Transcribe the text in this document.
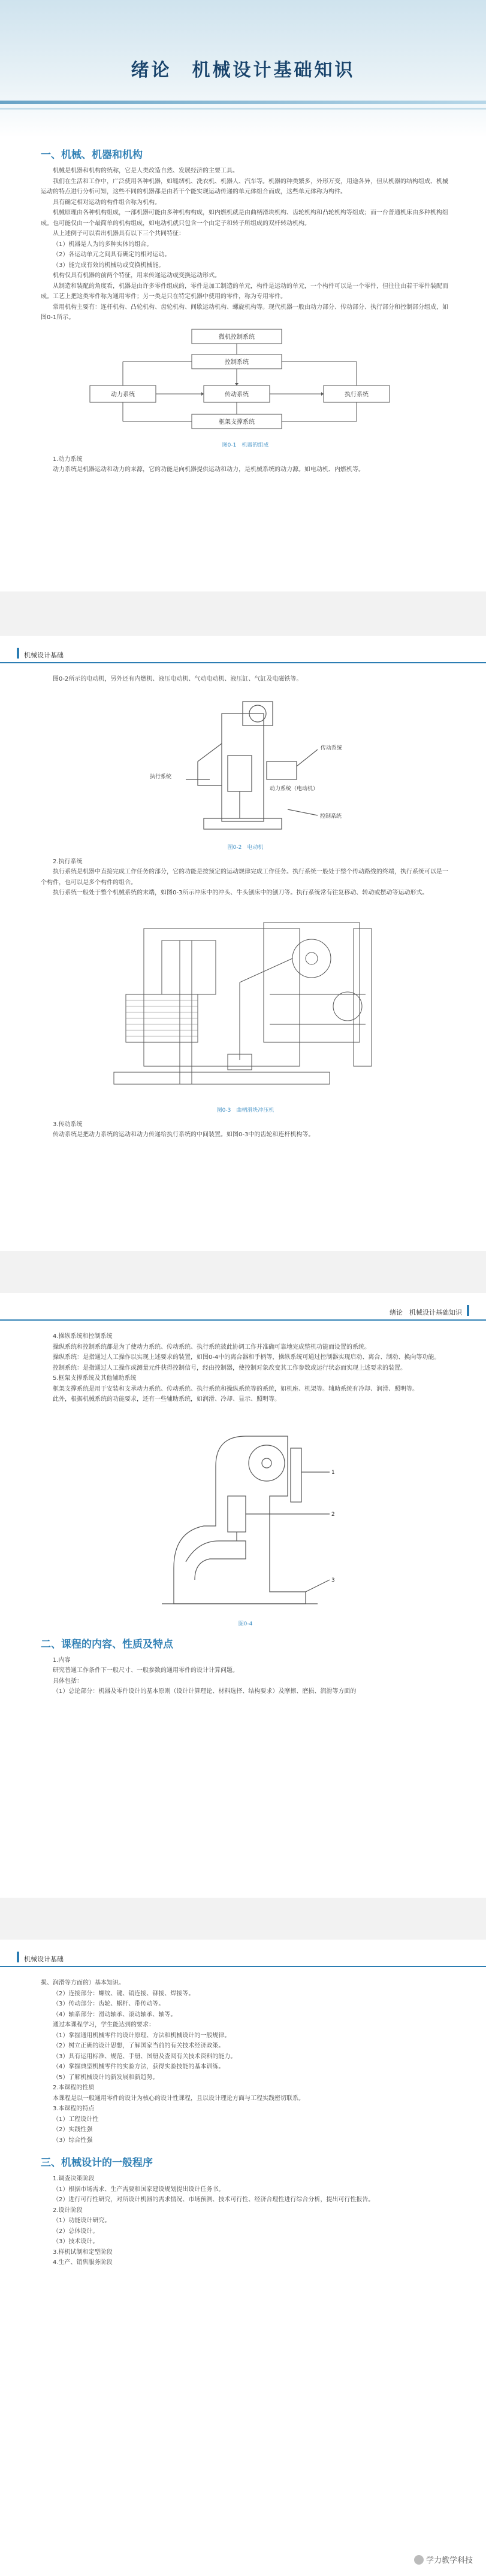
绪论　机械设计基础知识
一、机械、机器和机构

机械是机器和机构的统称，它是人类改造自然、发展经济的主要工具。

我们在生活和工作中，广泛使用各种机器，如缝纫机、洗衣机、机器人、汽车等。机器的种类繁多，外形万变，用途各异，但从机器的结构组成、机械运动的特点进行分析可知，这些不同的机器都是由若干个能实现运动传递的单元体组合而成，这些单元体称为构件。

具有确定相对运动的构件组合称为机构。

机械原理由各种机构组成，一部机器可能由多种机构构成，如内燃机就是由曲柄滑块机构、齿轮机构和凸轮机构等组成；而一台普通机床由多种机构组成。也可能仅由一个最简单的机构组成，如电动机就只包含一个由定子和转子所组成的双杆转动机构。

从上述例子可以看出机器具有以下三个共同特征：

（1）机器是人为的多种实体的组合。

（2）各运动单元之间具有确定的相对运动。

（3）能完成有效的机械功或变换机械能。

机构仅具有机器的前两个特征，用来传递运动或变换运动形式。

从制造和装配的角度看，机器是由许多零件组成的，零件是加工制造的单元，构件是运动的单元，一个构件可以是一个零件，但往往由若干零件装配而成。工艺上把这类零件称为通用零件；另一类是只在特定机器中使用的零件，称为专用零件。

常用机构主要有：连杆机构、凸轮机构、齿轮机构、间歇运动机构、螺旋机构等。现代机器一般由动力部分、传动部分、执行部分和控制部分组成，如图0-1所示。

微机控制系统
控制系统
动力系统	传动系统	执行系统
框架支撑系统
图0-1　机器的组成

1.动力系统

动力系统是机器运动和动力的来源，它的功能是向机器提供运动和动力，是机械系统的动力源。如电动机、内燃机等。

机械设计基础

图0-2所示的电动机，另外还有内燃机、液压电动机、气动电动机、液压缸、气缸及电磁铁等。

传动系统
执行系统
动力系统（电动机）
控制系统
图0-2　电动机

2.执行系统

执行系统是机器中直接完成工作任务的部分，它的功能是按预定的运动规律完成工作任务。执行系统一般处于整个传动路线的终端，执行系统可以是一个构件，也可以是多个构件的组合。

执行系统一般处于整个机械系统的末端，如图0-3所示冲床中的冲头、牛头刨床中的刨刀等。执行系统常有往复移动、转动或摆动等运动形式。

图0-3　曲柄滑块冲压机

3.传动系统

传动系统是把动力系统的运动和动力传递给执行系统的中间装置。如图0-3中的齿轮和连杆机构等。

绪论　机械设计基础知识

4.操纵系统和控制系统

操纵系统和控制系统都是为了使动力系统、传动系统、执行系统彼此协调工作并准确可靠地完成整机功能而设置的系统。

操纵系统：是指通过人工操作以实现上述要求的装置，如图0-4中的离合器和手柄等，操纵系统可通过控制器实现启动、离合、制动、换向等功能。

控制系统：是指通过人工操作或测量元件获得控制信号，经由控制器，使控制对象改变其工作参数或运行状态而实现上述要求的装置。

5.框架支撑系统及其他辅助系统

框架支撑系统是用于安装和支承动力系统、传动系统、执行系统和操纵系统等的系统，如机座、机架等。辅助系统有冷却、润滑、照明等。

此外，根据机械系统的功能要求，还有一些辅助系统，如润滑、冷却、显示、照明等。

1
2
3
图0-4
二、课程的内容、性质及特点

1.内容

研究普通工作条件下一般尺寸、一般参数的通用零件的设计计算问题。

具体包括：

（1）总论部分：机器及零件设计的基本原则（设计计算理论、材料选择、结构要求）及摩擦、磨损、润滑等方面的

机械设计基础

损、润滑等方面的）基本知识。

（2）连接部分：螺纹、键、销连接、铆接、焊接等。

（3）传动部分：齿轮、蜗杆、带传动等。

（4）轴系部分：滑动轴承、滚动轴承、轴等。

通过本课程学习，学生能达到的要求：

（1）掌握通用机械零件的设计原理、方法和机械设计的一般规律。

（2）树立正确的设计思想，了解国家当前的有关技术经济政策。

（3）具有运用标准、规范、手册、图册及查阅有关技术资料的能力。

（4）掌握典型机械零件的实验方法，获得实验技能的基本训练。

（5）了解机械设计的新发展和新趋势。

2.本课程的性质

本课程是以一般通用零件的设计为核心的设计性课程，且以设计理论方面与工程实践密切联系。

3.本课程的特点

（1）工程设计性

（2）实践性强

（3）综合性强

三、机械设计的一般程序

1.调查决策阶段

（1）根据市场需求、生产需要和国家建设规划提出设计任务书。

（2）进行可行性研究，对所设计机器的需求情况、市场预测、技术可行性、经济合理性进行综合分析，提出可行性报告。

2.设计阶段

（1）功能设计研究。

（2）总体设计。

（3）技术设计。

3.样机试制和定型阶段

4.生产、销售服务阶段

学力教学科技
